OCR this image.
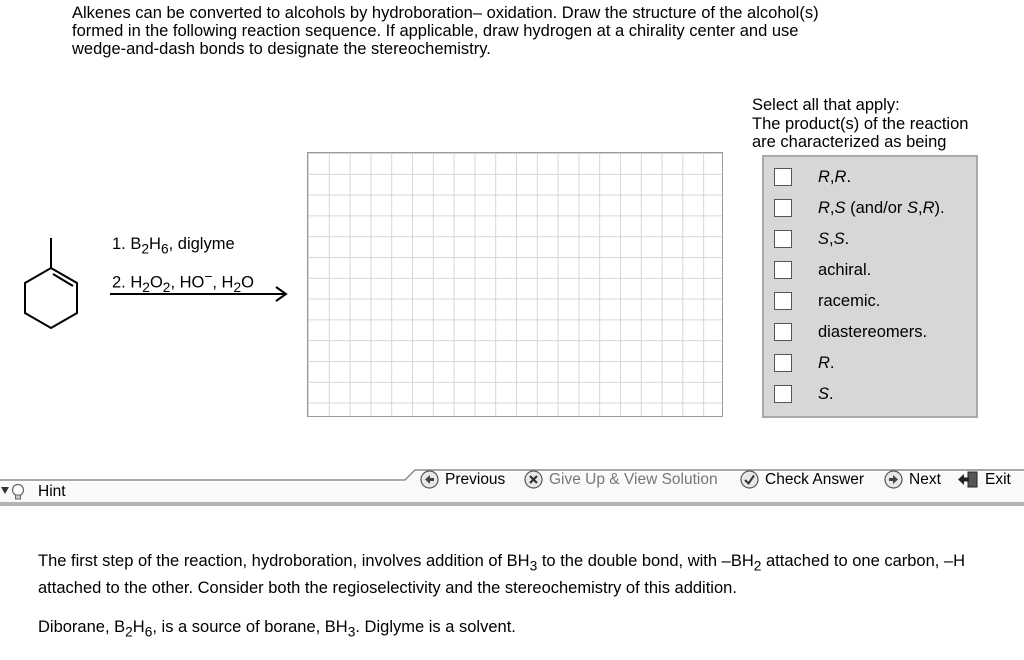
Alkenes can be converted to alcohols by hydroboration– oxidation. Draw the structure of the alcohol(s)
formed in the following reaction sequence. If applicable, draw hydrogen at a chirality center and use
wedge-and-dash bonds to designate the stereochemistry.
1. $B_2H_6$, diglyme
2. $H_2O_2$, HO−, $H_2O$
Select all that apply:
The product(s) of the reaction
are characterized as being
R,R.
R,S (and/or S,R).
S,S.
achiral.
racemic.
diastereomers.
R.
S.
Hint
Previous	Give Up & View Solution	Check Answer	Next	Exit

The first step of the reaction, hydroboration, involves addition of $BH_3$ to the double bond, with $-BH_2$ attached to one carbon, –H attached to the other. Consider both the regioselectivity and the stereochemistry of this addition.

Diborane, $B_2H_6$, is a source of borane, $BH_3$. Diglyme is a solvent.
